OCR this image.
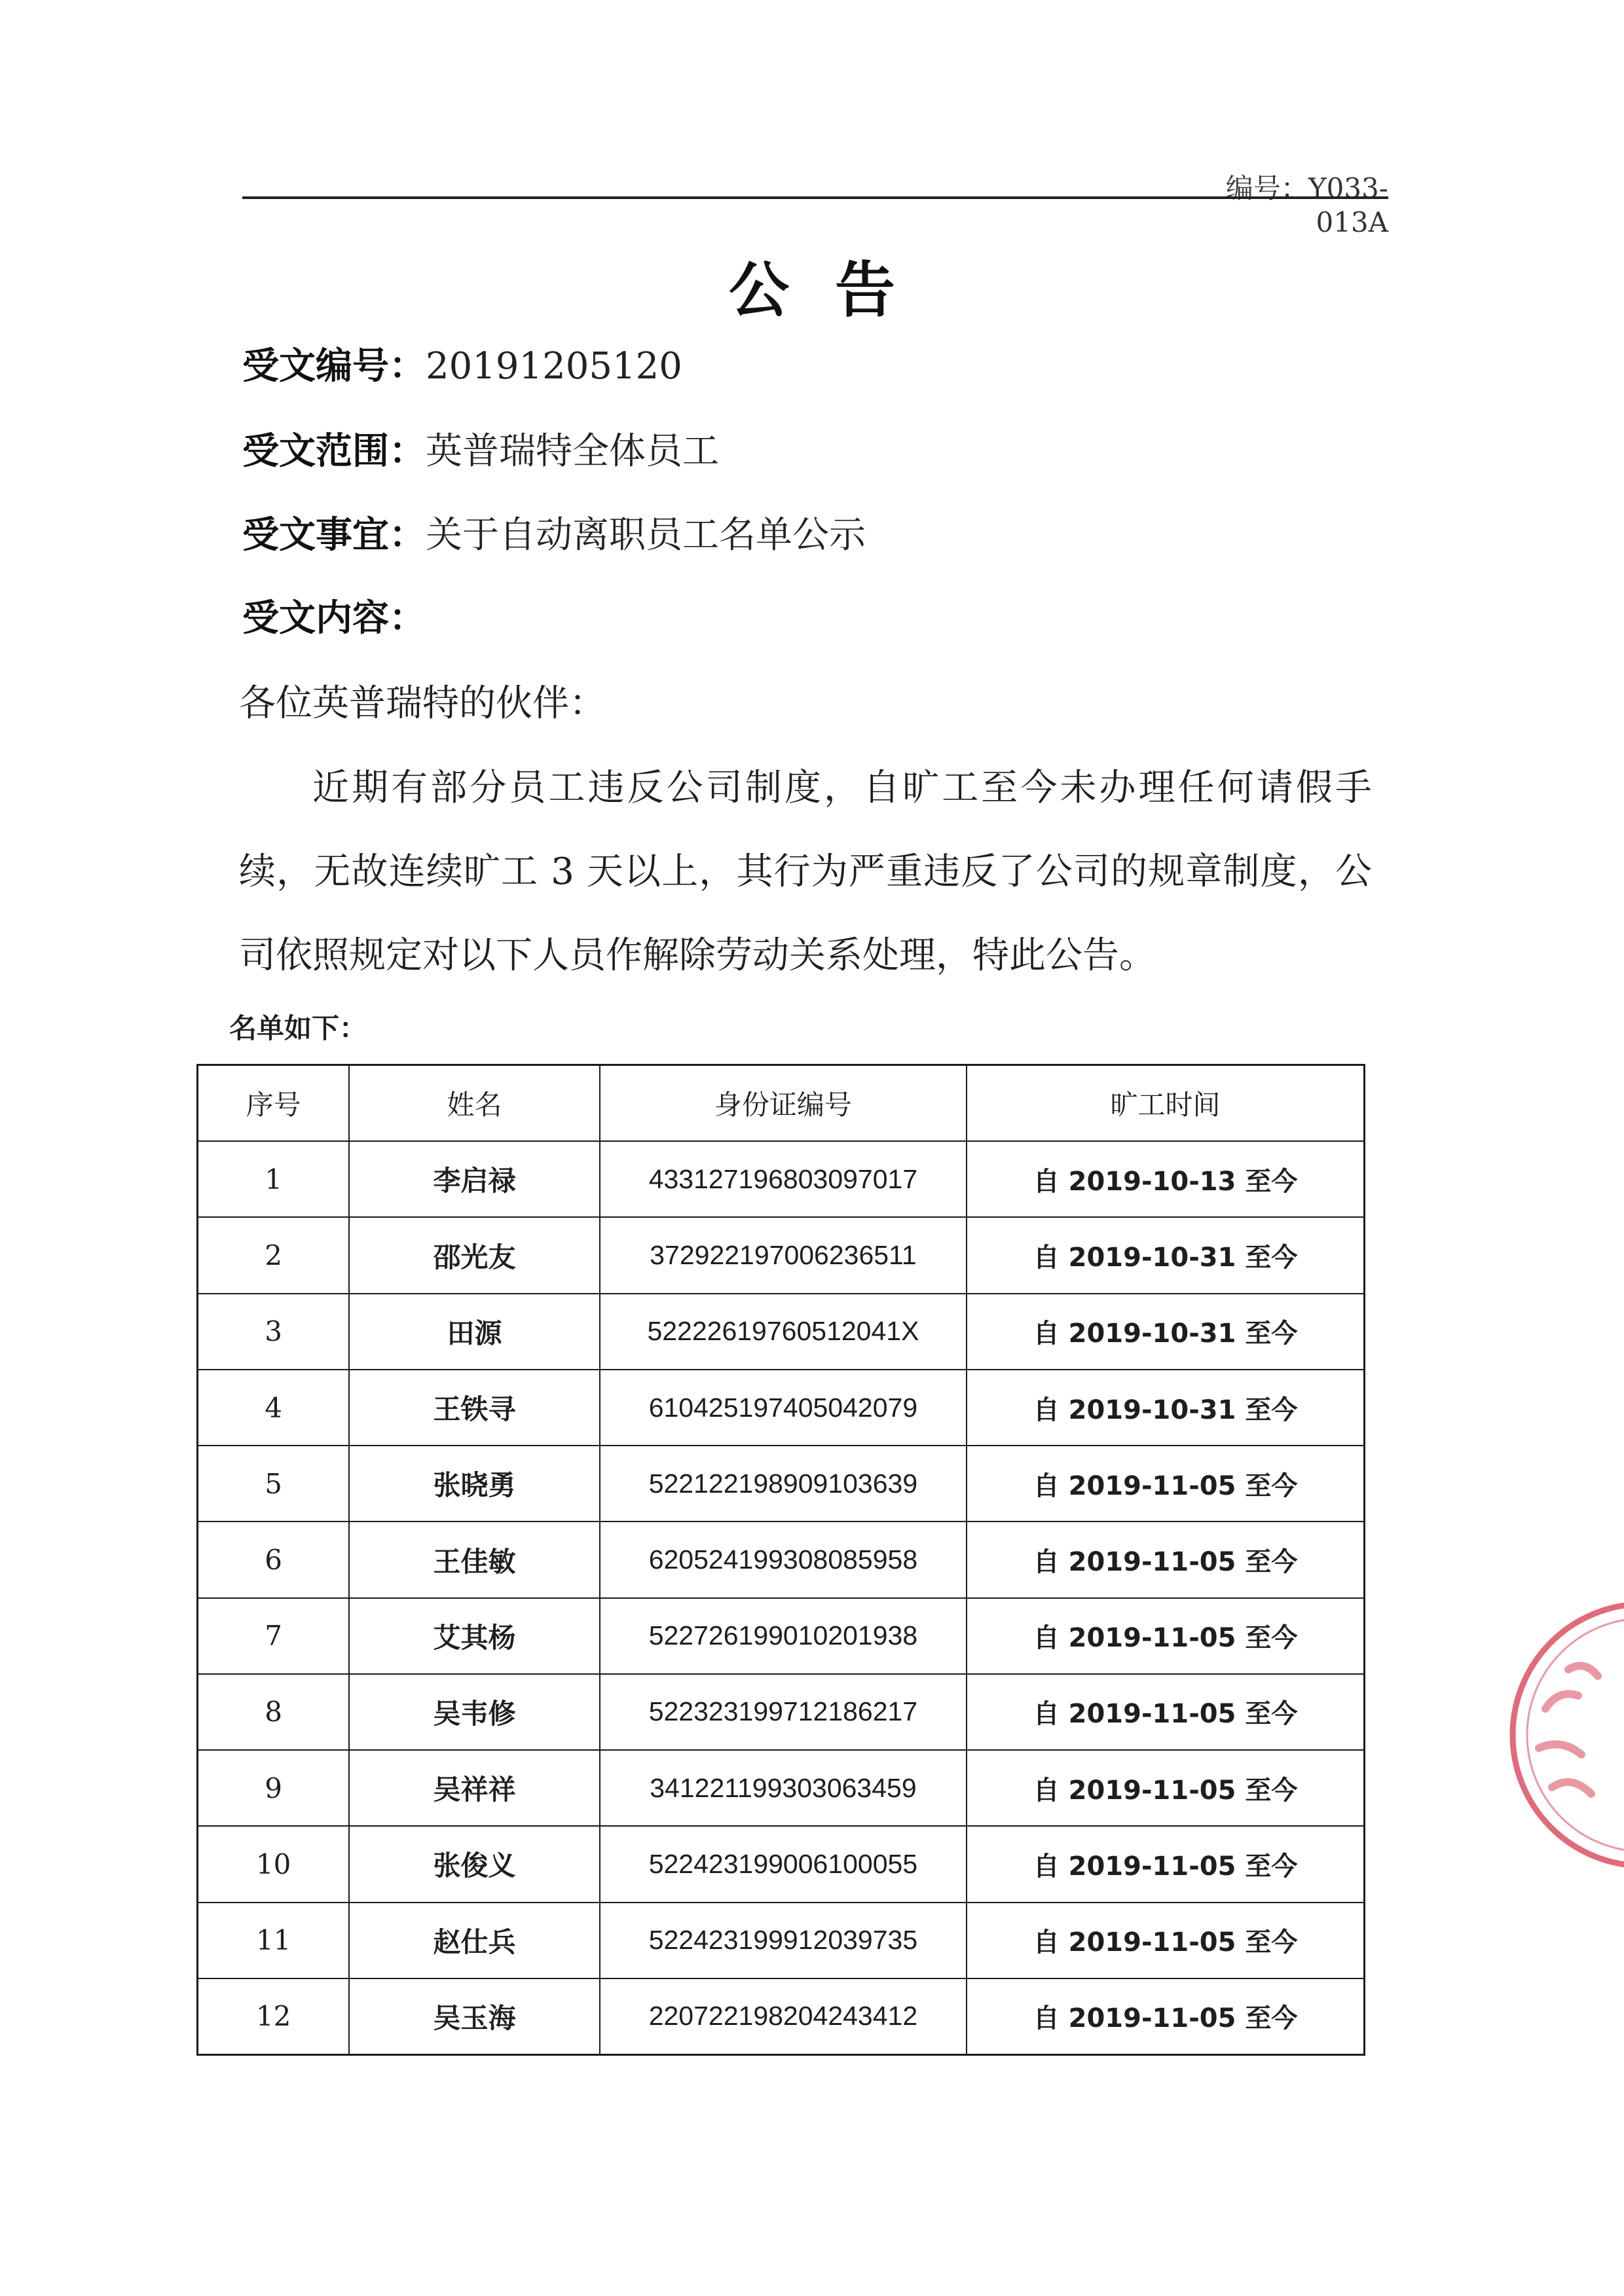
编号：Y033-013A
公告
受文编号：20191205120
受文范围：英普瑞特全体员工
受文事宜：关于自动离职员工名单公示
受文内容：
各位英普瑞特的伙伴：
近期有部分员工违反公司制度，自旷工至今未办理任何请假手续，无故连续旷工 3 天以上，其行为严重违反了公司的规章制度，公司依照规定对以下人员作解除劳动关系处理，特此公告。
名单如下：
序号	姓名	身份证编号	旷工时间
1	李启禄	433127196803097017	自 2019-10-13 至今
2	邵光友	372922197006236511	自 2019-10-31 至今
3	田源	52222619760512041X	自 2019-10-31 至今
4	王铁寻	610425197405042079	自 2019-10-31 至今
5	张晓勇	522122198909103639	自 2019-11-05 至今
6	王佳敏	620524199308085958	自 2019-11-05 至今
7	艾其杨	522726199010201938	自 2019-11-05 至今
8	吴韦修	522323199712186217	自 2019-11-05 至今
9	吴祥祥	341221199303063459	自 2019-11-05 至今
10	张俊义	522423199006100055	自 2019-11-05 至今
11	赵仕兵	522423199912039735	自 2019-11-05 至今
12	吴玉海	220722198204243412	自 2019-11-05 至今
